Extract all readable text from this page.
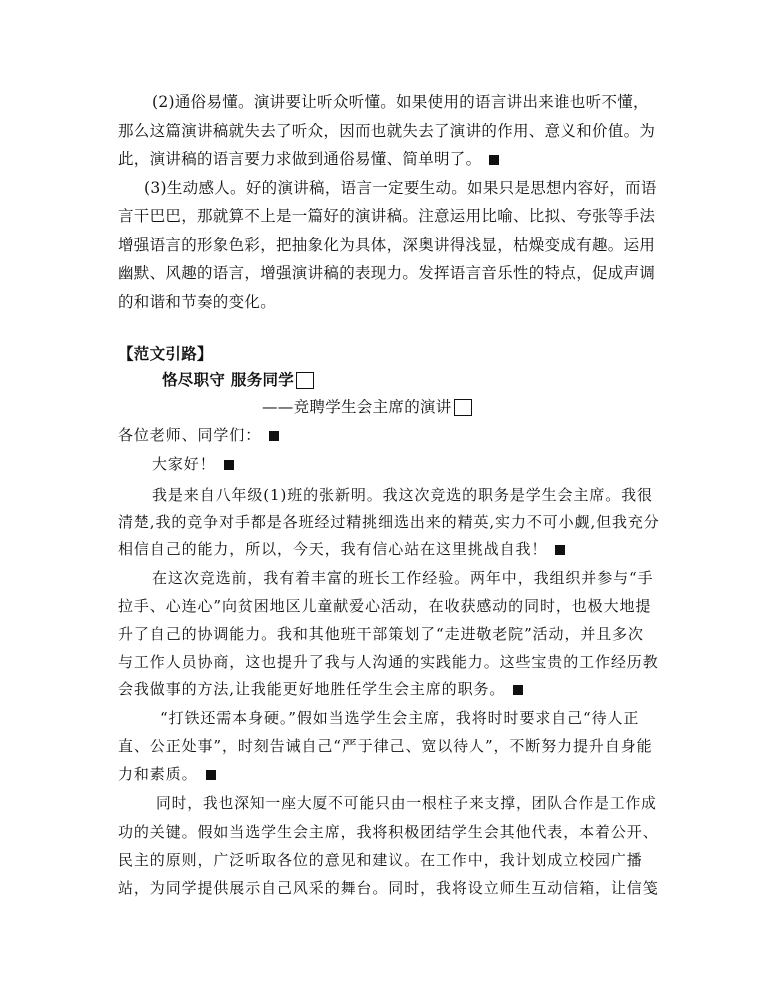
(2)通俗易懂。演讲要让听众听懂。如果使用的语言讲出来谁也听不懂，
那么这篇演讲稿就失去了听众，因而也就失去了演讲的作用、意义和价值。为
此，演讲稿的语言要力求做到通俗易懂、简单明了。
(3)生动感人。好的演讲稿，语言一定要生动。如果只是思想内容好，而语
言干巴巴，那就算不上是一篇好的演讲稿。注意运用比喻、比拟、夸张等手法
增强语言的形象色彩，把抽象化为具体，深奥讲得浅显，枯燥变成有趣。运用
幽默、风趣的语言，增强演讲稿的表现力。发挥语言音乐性的特点，促成声调
的和谐和节奏的变化。
【范文引路】
恪尽职守 服务同学
——竞聘学生会主席的演讲
各位老师、同学们：
大家好！
我是来自八年级(1)班的张新明。我这次竞选的职务是学生会主席。我很
清楚,我的竞争对手都是各班经过精挑细选出来的精英,实力不可小觑,但我充分
相信自己的能力，所以，今天，我有信心站在这里挑战自我！
在这次竞选前，我有着丰富的班长工作经验。两年中，我组织并参与“手
拉手、心连心”向贫困地区儿童献爱心活动，在收获感动的同时，也极大地提
升了自己的协调能力。我和其他班干部策划了“走进敬老院”活动，并且多次
与工作人员协商，这也提升了我与人沟通的实践能力。这些宝贵的工作经历教
会我做事的方法,让我能更好地胜任学生会主席的职务。
“打铁还需本身硬。”假如当选学生会主席，我将时时要求自己“待人正
直、公正处事”，时刻告诫自己“严于律己、宽以待人”，不断努力提升自身能
力和素质。
同时，我也深知一座大厦不可能只由一根柱子来支撑，团队合作是工作成
功的关键。假如当选学生会主席，我将积极团结学生会其他代表，本着公开、
民主的原则，广泛听取各位的意见和建议。在工作中，我计划成立校园广播
站，为同学提供展示自己风采的舞台。同时，我将设立师生互动信箱，让信笺
